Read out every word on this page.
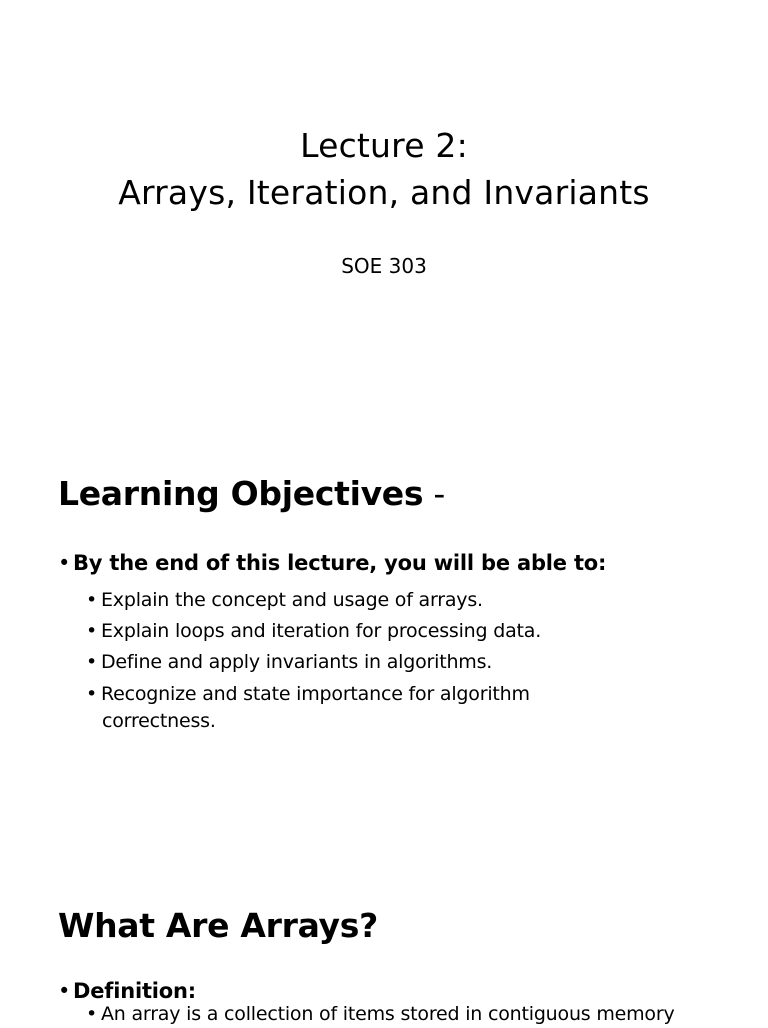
Lecture 2:
Arrays, Iteration, and Invariants
SOE 303
Learning Objectives -
• By the end of this lecture, you will be able to:
• Explain the concept and usage of arrays.
• Explain loops and iteration for processing data.
• Define and apply invariants in algorithms.
• Recognize and state importance for algorithm
correctness.
What Are Arrays?
• Definition:
• An array is a collection of items stored in contiguous memory
